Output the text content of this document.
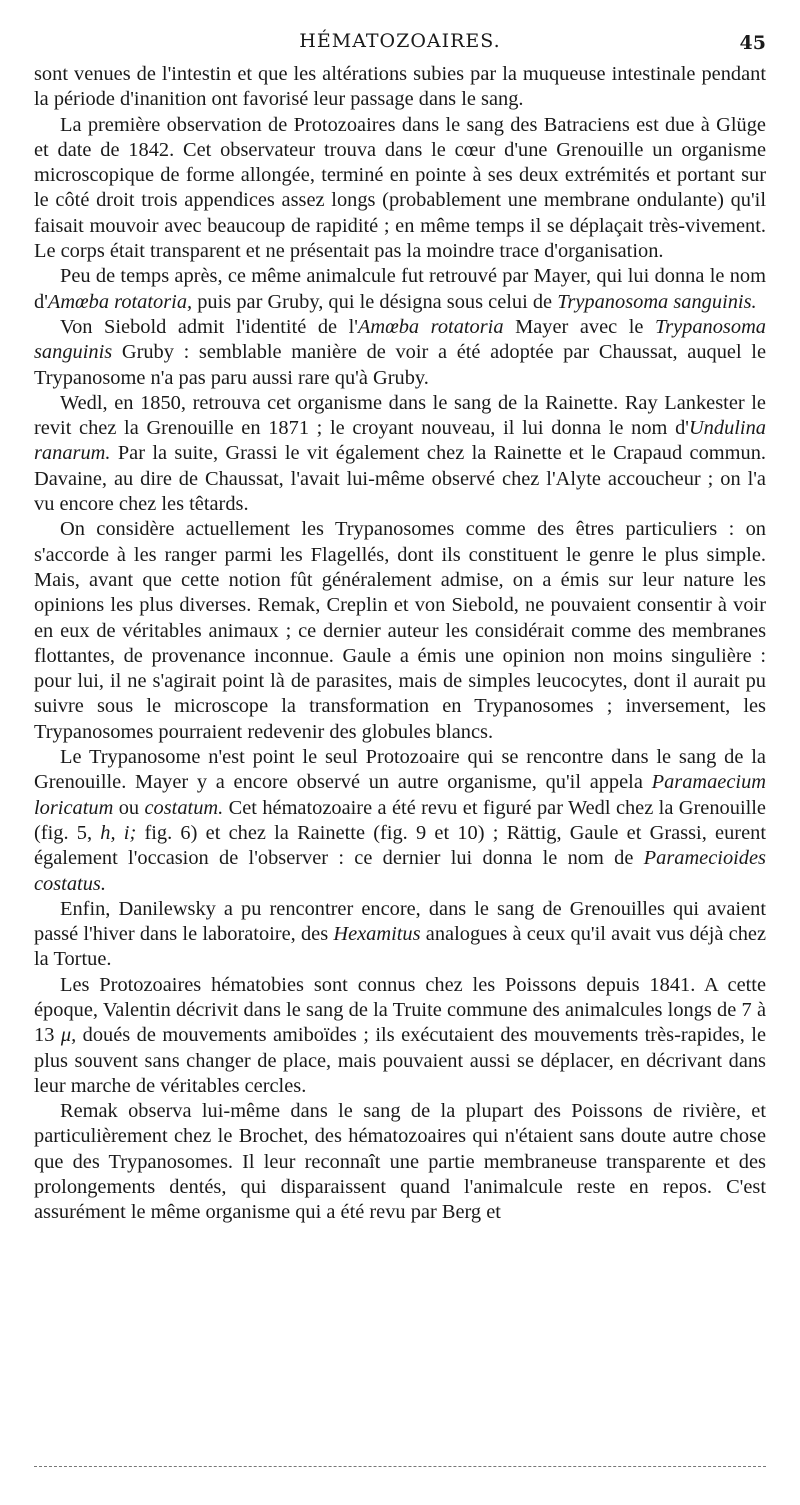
HÉMATOZOAIRES.	45

sont venues de l'intestin et que les altérations subies par la muqueuse intestinale pendant la période d'inanition ont favorisé leur passage dans le sang.

La première observation de Protozoaires dans le sang des Batraciens est due à Glüge et date de 1842. Cet observateur trouva dans le cœur d'une Grenouille un organisme microscopique de forme allongée, terminé en pointe à ses deux extrémités et portant sur le côté droit trois appendices assez longs (probablement une membrane ondulante) qu'il faisait mouvoir avec beaucoup de rapidité ; en même temps il se déplaçait très-vivement. Le corps était transparent et ne présentait pas la moindre trace d'organisation.

Peu de temps après, ce même animalcule fut retrouvé par Mayer, qui lui donna le nom d'Amœba rotatoria, puis par Gruby, qui le désigna sous celui de Trypanosoma sanguinis.

Von Siebold admit l'identité de l'Amœba rotatoria Mayer avec le Trypanosoma sanguinis Gruby : semblable manière de voir a été adoptée par Chaussat, auquel le Trypanosome n'a pas paru aussi rare qu'à Gruby.

Wedl, en 1850, retrouva cet organisme dans le sang de la Rainette. Ray Lankester le revit chez la Grenouille en 1871 ; le croyant nouveau, il lui donna le nom d'Undulina ranarum. Par la suite, Grassi le vit également chez la Rainette et le Crapaud commun. Davaine, au dire de Chaussat, l'avait lui-même observé chez l'Alyte accoucheur ; on l'a vu encore chez les têtards.

On considère actuellement les Trypanosomes comme des êtres particuliers : on s'accorde à les ranger parmi les Flagellés, dont ils constituent le genre le plus simple. Mais, avant que cette notion fût généralement admise, on a émis sur leur nature les opinions les plus diverses. Remak, Creplin et von Siebold, ne pouvaient consentir à voir en eux de véritables animaux ; ce dernier auteur les considérait comme des membranes flottantes, de provenance inconnue. Gaule a émis une opinion non moins singulière : pour lui, il ne s'agirait point là de parasites, mais de simples leucocytes, dont il aurait pu suivre sous le microscope la transformation en Trypanosomes ; inversement, les Trypanosomes pourraient redevenir des globules blancs.

Le Trypanosome n'est point le seul Protozoaire qui se rencontre dans le sang de la Grenouille. Mayer y a encore observé un autre organisme, qu'il appela Paramaecium loricatum ou costatum. Cet hématozoaire a été revu et figuré par Wedl chez la Grenouille (fig. 5, h, i; fig. 6) et chez la Rainette (fig. 9 et 10) ; Rättig, Gaule et Grassi, eurent également l'occasion de l'observer : ce dernier lui donna le nom de Paramecioides costatus.

Enfin, Danilewsky a pu rencontrer encore, dans le sang de Grenouilles qui avaient passé l'hiver dans le laboratoire, des Hexamitus analogues à ceux qu'il avait vus déjà chez la Tortue.

Les Protozoaires hématobies sont connus chez les Poissons depuis 1841. A cette époque, Valentin décrivit dans le sang de la Truite commune des animalcules longs de 7 à 13 μ, doués de mouvements amiboïdes ; ils exécutaient des mouvements très-rapides, le plus souvent sans changer de place, mais pouvaient aussi se déplacer, en décrivant dans leur marche de véritables cercles.

Remak observa lui-même dans le sang de la plupart des Poissons de rivière, et particulièrement chez le Brochet, des hématozoaires qui n'étaient sans doute autre chose que des Trypanosomes. Il leur reconnaît une partie membraneuse transparente et des prolongements dentés, qui disparaissent quand l'animalcule reste en repos. C'est assurément le même organisme qui a été revu par Berg et
